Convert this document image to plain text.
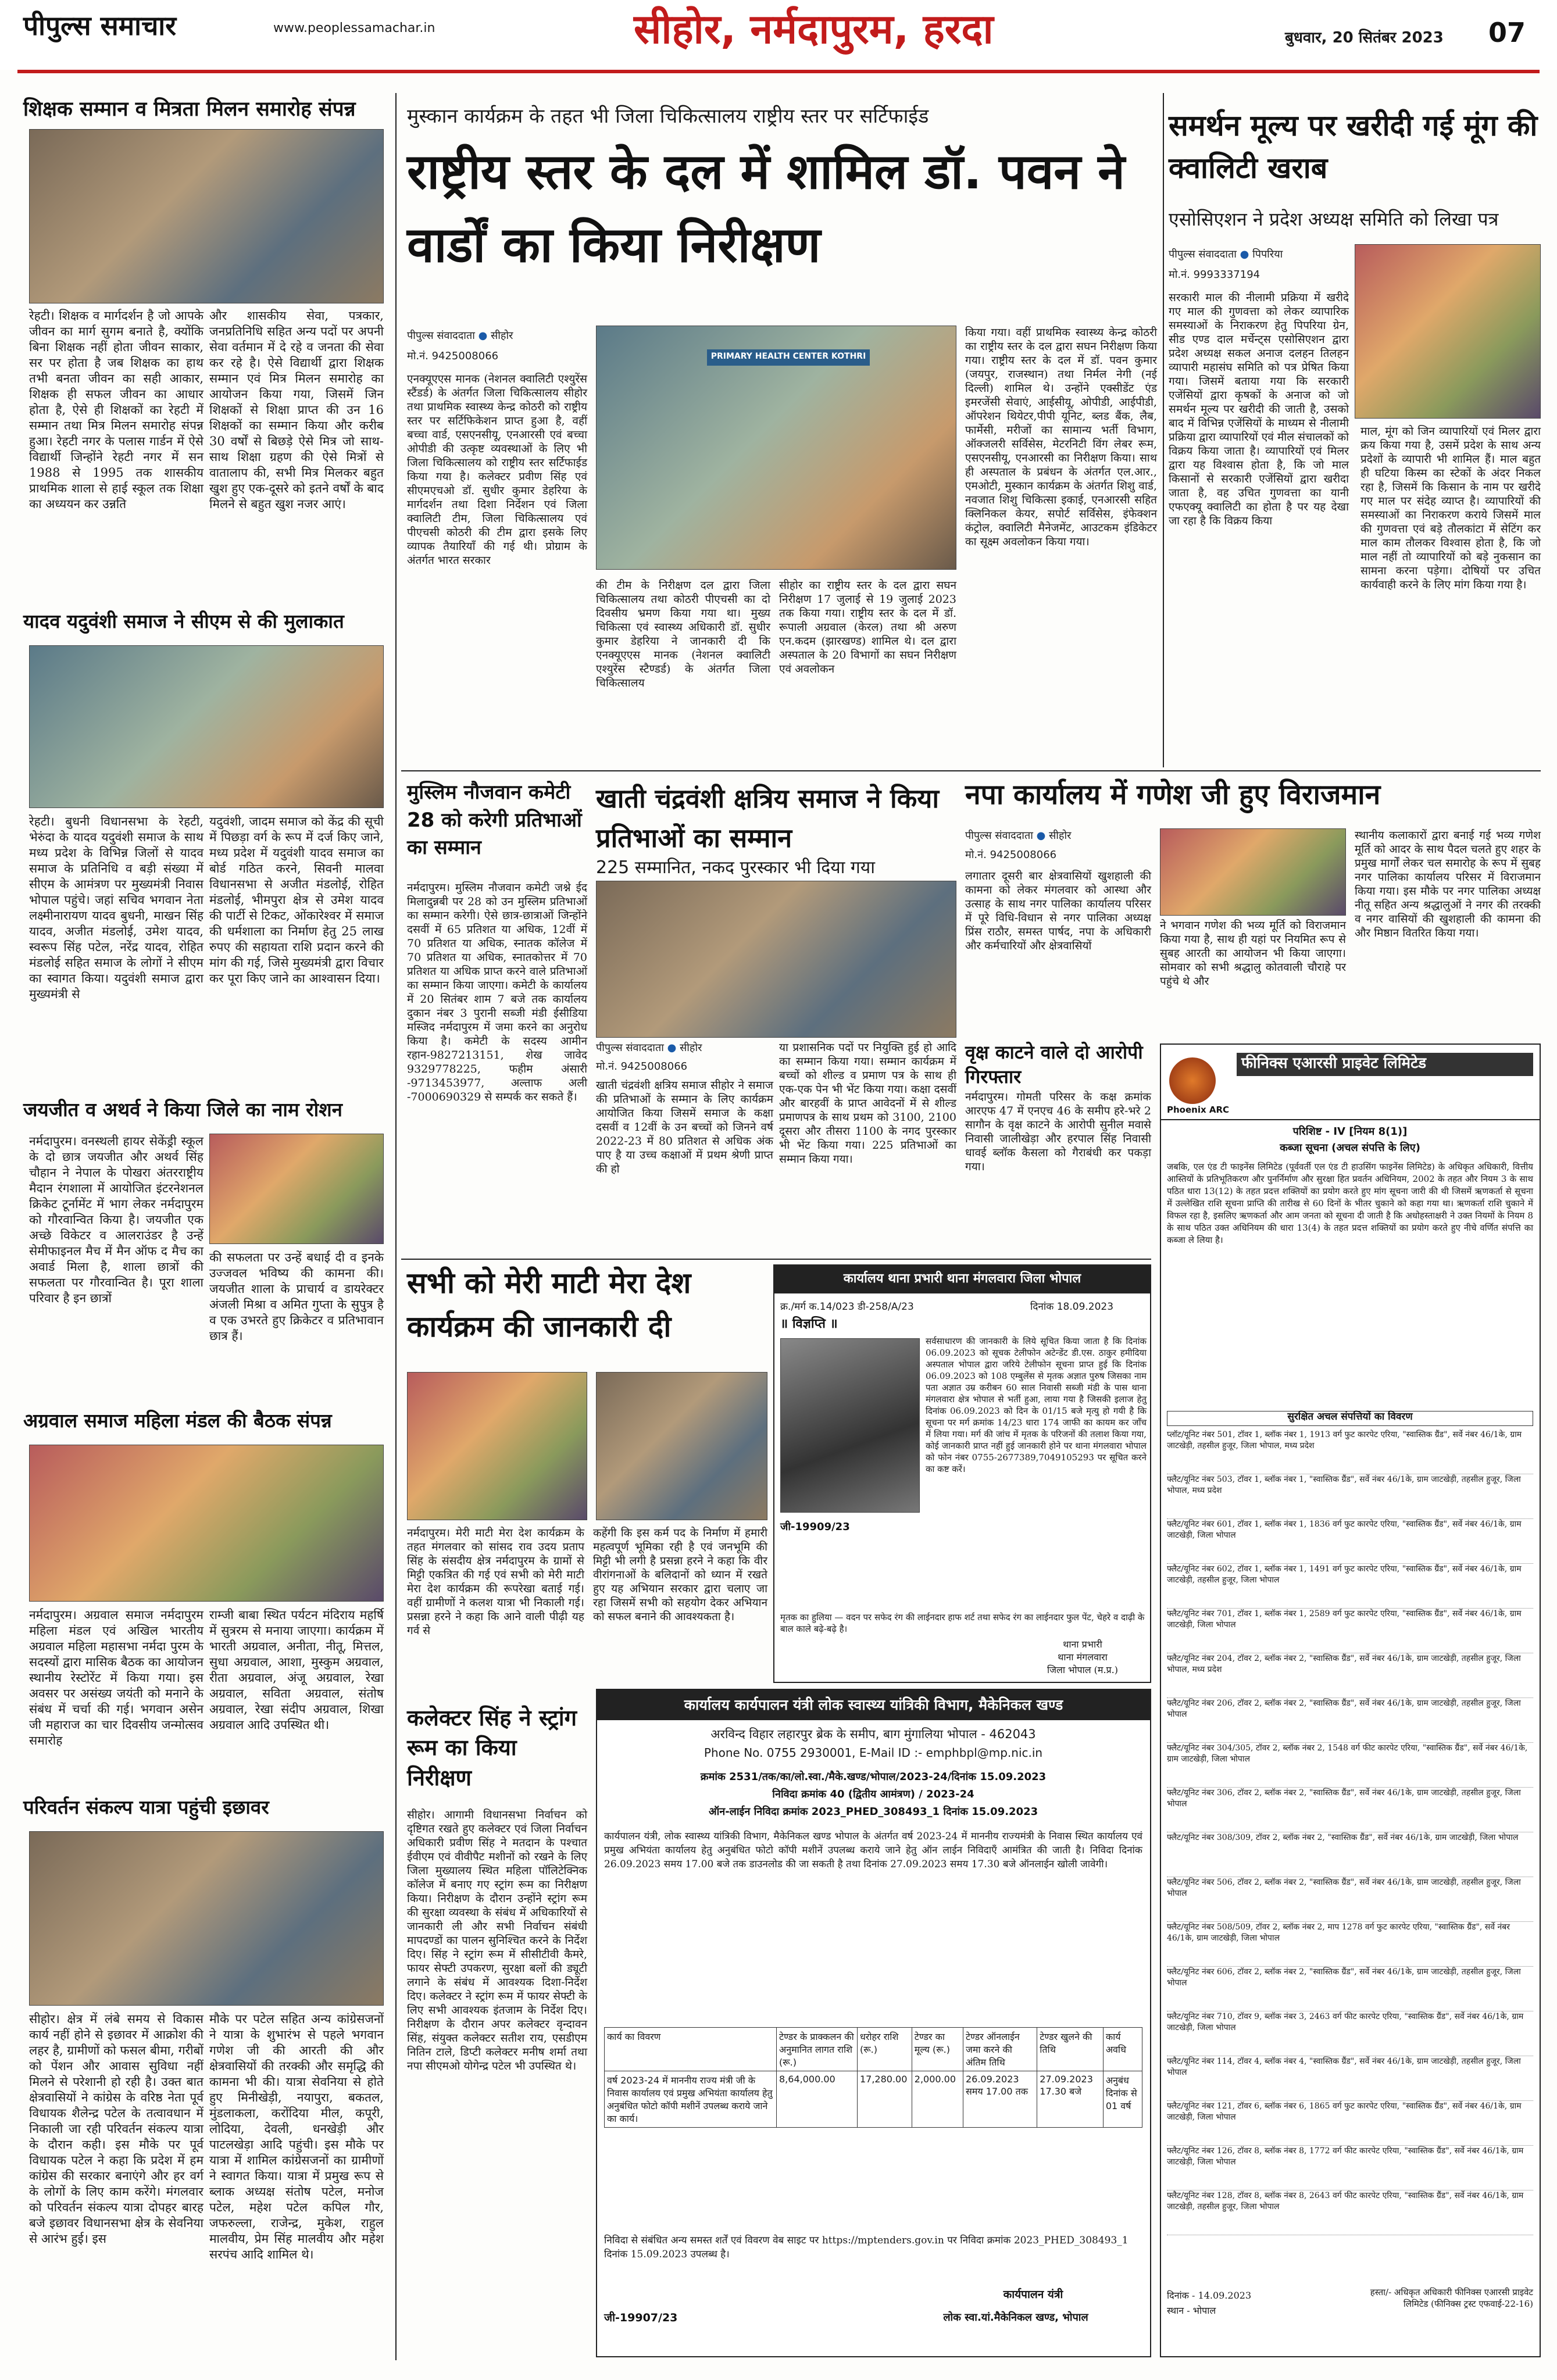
पीपुल्स समाचार	www.peoplessamachar.in	सीहोर, नर्मदापुरम, हरदा	बुधवार, 20 सितंबर 2023	07
शिक्षक सम्मान व मित्रता मिलन समारोह संपन्न
रेहटी। शिक्षक व मार्गदर्शन है जो आपके जीवन का मार्ग सुगम बनाते है, क्योंकि बिना शिक्षक नहीं होता जीवन साकार, सर पर होता है जब शिक्षक का हाथ तभी बनता जीवन का सही आकार, शिक्षक ही सफल जीवन का आधार होता है, ऐसे ही शिक्षकों का रेहटी में सम्मान तथा मित्र मिलन समारोह संपन्न हुआ। रेहटी नगर के पलास गार्डन में ऐसे विद्यार्थी जिन्होंने रेहटी नगर में सन 1988 से 1995 तक शासकीय प्राथमिक शाला से हाई स्कूल तक शिक्षा का अध्ययन कर उन्नति
और शासकीय सेवा, पत्रकार, जनप्रतिनिधि सहित अन्य पदों पर अपनी सेवा वर्तमान में दे रहे व जनता की सेवा कर रहे है। ऐसे विद्यार्थी द्वारा शिक्षक सम्मान एवं मित्र मिलन समारोह का आयोजन किया गया, जिसमें जिन शिक्षकों से शिक्षा प्राप्त की उन 16 शिक्षकों का सम्मान किया और करीब 30 वर्षों से बिछड़े ऐसे मित्र जो साथ-साथ शिक्षा ग्रहण की ऐसे मित्रों से वातालाप की, सभी मित्र मिलकर बहुत खुश हुए एक-दूसरे को इतने वर्षों के बाद मिलने से बहुत खुश नजर आएं।
यादव यदुवंशी समाज ने सीएम से की मुलाकात
रेहटी। बुधनी विधानसभा के रेहटी, भेरुंदा के यादव यदुवंशी समाज के साथ मध्य प्रदेश के विभिन्न जिलों से यादव समाज के प्रतिनिधि व बड़ी संख्या में सीएम के आमंत्रण पर मुख्यमंत्री निवास भोपाल पहुंचे। जहां सचिव भगवान नेता लक्ष्मीनारायण यादव बुधनी, माखन सिंह यादव, अजीत मंडलोई, उमेश यादव, स्वरूप सिंह पटेल, नरेंद्र यादव, रोहित मंडलोई सहित समाज के लोगों ने सीएम का स्वागत किया। यदुवंशी समाज द्वारा मुख्यमंत्री से
यदुवंशी, जादम समाज को केंद्र की सूची में पिछड़ा वर्ग के रूप में दर्ज किए जाने, मध्य प्रदेश में यदुवंशी यादव समाज का बोर्ड गठित करने, सिवनी मालवा विधानसभा से अजीत मंडलोई, रोहित मंडलोई, भीमपुरा क्षेत्र से उमेश यादव की पार्टी से टिकट, ओंकारेश्वर में समाज की धर्मशाला का निर्माण हेतु 25 लाख रुपए की सहायता राशि प्रदान करने की मांग की गई, जिसे मुख्यमंत्री द्वारा विचार कर पूरा किए जाने का आश्वासन दिया।
जयजीत व अथर्व ने किया जिले का नाम रोशन
नर्मदापुरम। वनस्थली हायर सेकेंड्री स्कूल के दो छात्र जयजीत और अथर्व सिंह चौहान ने नेपाल के पोखरा अंतरराष्ट्रीय मैदान रंगशाला में आयोजित इंटरनेशनल क्रिकेट टूर्नामेंट में भाग लेकर नर्मदापुरम को गौरवान्वित किया है। जयजीत एक अच्छे विकेटर व आलराउंडर है उन्हें सेमीफाइनल मैच में मैन ऑफ द मैच का अवार्ड मिला है, शाला छात्रों की सफलता पर गौरवान्वित है। पूरा शाला परिवार है इन छात्रों
की सफलता पर उन्हें बधाई दी व इनके उज्जवल भविष्य की कामना की। जयजीत शाला के प्राचार्य व डायरेक्टर अंजली मिश्रा व अमित गुप्ता के सुपुत्र है व एक उभरते हुए क्रिकेटर व प्रतिभावान छात्र हैं।
अग्रवाल समाज महिला मंडल की बैठक संपन्न
नर्मदापुरम। अग्रवाल समाज नर्मदापुरम महिला मंडल एवं अखिल भारतीय अग्रवाल महिला महासभा नर्मदा पुरम के सदस्यों द्वारा मासिक बैठक का आयोजन स्थानीय रेस्टोरेंट में किया गया। इस अवसर पर असंख्य जयंती को मनाने के संबंध में चर्चा की गई। भगवान असेन जी महाराज का चार दिवसीय जन्मोत्सव समारोह
राम्जी बाबा स्थित पर्यटन मंदिराय महर्षि में सुत्ररम से मनाया जाएगा। कार्यक्रम में भारती अग्रवाल, अनीता, नीतू, मित्तल, सुधा अग्रवाल, आशा, मुस्कुम अग्रवाल, रीता अग्रवाल, अंजू अग्रवाल, रेखा अग्रवाल, सविता अग्रवाल, संतोष अग्रवाल, रेखा संदीप अग्रवाल, शिखा अग्रवाल आदि उपस्थित थी।
परिवर्तन संकल्प यात्रा पहुंची इछावर
सीहोर। क्षेत्र में लंबे समय से विकास कार्य नहीं होने से इछावर में आक्रोश की लहर है, ग्रामीणों को फसल बीमा, गरीबों को पेंशन और आवास सुविधा नहीं मिलने से परेशानी हो रही है। उक्त बात क्षेत्रवासियों ने कांग्रेस के वरिष्ठ नेता पूर्व विधायक शैलेन्द्र पटेल के तत्वावधान में निकाली जा रही परिवर्तन संकल्प यात्रा के दौरान कही। इस मौके पर पूर्व विधायक पटेल ने कहा कि प्रदेश में हम कांग्रेस की सरकार बनाएंगे और हर वर्ग के लोगों के लिए काम करेंगे। मंगलवार को परिवर्तन संकल्प यात्रा दोपहर बारह बजे इछावर विधानसभा क्षेत्र के सेवनिया से आरंभ हुई। इस
मौके पर पटेल सहित अन्य कांग्रेसजनों ने यात्रा के शुभारंभ से पहले भगवान गणेश जी की आरती की और क्षेत्रवासियों की तरक्की और समृद्धि की कामना भी की। यात्रा सेवनिया से होते हुए मिनीखेड़ी, नयापुरा, बकतल, मुंडलाकला, करोंदिया मील, कपूरी, लोदिया, देवली, धनखेड़ी और पाटलखेड़ा आदि पहुंची। इस मौके पर यात्रा में शामिल कांग्रेसजनों का ग्रामीणों ने स्वागत किया। यात्रा में प्रमुख रूप से ब्लाक अध्यक्ष संतोष पटेल, मनोज पटेल, महेश पटेल कपिल गौर, जफरुल्ला, राजेन्द्र, मुकेश, राहुल मालवीय, प्रेम सिंह मालवीय और महेश सरपंच आदि शामिल थे।
मुस्कान कार्यक्रम के तहत भी जिला चिकित्सालय राष्ट्रीय स्तर पर सर्टिफाईड
राष्ट्रीय स्तर के दल में शामिल डॉ. पवन ने वार्डों का किया निरीक्षण
पीपुल्स संवाददाता ● सीहोर
मो.नं. 9425008066
एनक्यूएएस मानक (नेशनल क्वालिटी एश्युरेंस स्टैंडर्ड) के अंतर्गत जिला चिकित्सालय सीहोर तथा प्राथमिक स्वास्थ्य केन्द्र कोठरी को राष्ट्रीय स्तर पर सर्टिफिकेशन प्राप्त हुआ है, वहीं बच्चा वार्ड, एसएनसीयू, एनआरसी एवं बच्चा ओपीडी की उत्कृष्ट व्यवस्थाओं के लिए भी जिला चिकित्सालय को राष्ट्रीय स्तर सर्टिफाईड किया गया है। कलेक्टर प्रवीण सिंह एवं सीएमएचओ डॉ. सुधीर कुमार डेहरिया के मार्गदर्शन तथा दिशा निर्देशन एवं जिला क्वालिटी टीम, जिला चिकित्सालय एवं पीएचसी कोठरी की टीम द्वारा इसके लिए व्यापक तैयारियाँ की गई थी। प्रोग्राम के अंतर्गत भारत सरकार
PRIMARY HEALTH CENTER KOTHRI
की टीम के निरीक्षण दल द्वारा जिला चिकित्सालय तथा कोठरी पीएचसी का दो दिवसीय भ्रमण किया गया था। मुख्य चिकित्सा एवं स्वास्थ्य अधिकारी डॉ. सुधीर कुमार डेहरिया ने जानकारी दी कि एनक्यूएएस मानक (नेशनल क्वालिटी एश्युरेंस स्टैण्डर्ड) के अंतर्गत जिला चिकित्सालय
सीहोर का राष्ट्रीय स्तर के दल द्वारा सघन निरीक्षण 17 जुलाई से 19 जुलाई 2023 तक किया गया। राष्ट्रीय स्तर के दल में डॉ. रूपाली अग्रवाल (केरल) तथा श्री अरुण एन.कदम (झारखण्ड) शामिल थे। दल द्वारा अस्पताल के 20 विभागों का सघन निरीक्षण एवं अवलोकन
किया गया। वहीं प्राथमिक स्वास्थ्य केन्द्र कोठरी का राष्ट्रीय स्तर के दल द्वारा सघन निरीक्षण किया गया। राष्ट्रीय स्तर के दल में डॉ. पवन कुमार (जयपुर, राजस्थान) तथा निर्मल नेगी (नई दिल्ली) शामिल थे। उन्होंने एक्सीडेंट एंड इमरजेंसी सेवाएं, आईसीयू, ओपीडी, आईपीडी, ऑपरेशन थियेटर,पीपी यूनिट, ब्लड बैंक, लैब, फार्मेसी, मरीजों का सामान्य भर्ती विभाग, ऑक्जलरी सर्विसेस, मेटरनिटी विंग लेबर रूम, एसएनसीयू, एनआरसी का निरीक्षण किया। साथ ही अस्पताल के प्रबंधन के अंतर्गत एल.आर., एमओटी, मुस्कान कार्यक्रम के अंतर्गत शिशु वार्ड, नवजात शिशु चिकित्सा इकाई, एनआरसी सहित क्लिनिकल केयर, सपोर्ट सर्विसेस, इंफेक्शन कंट्रोल, क्वालिटी मैनेजमेंट, आउटकम इंडिकेटर का सूक्ष्म अवलोकन किया गया।
समर्थन मूल्य पर खरीदी गई मूंग की क्वालिटी खराब
एसोसिएशन ने प्रदेश अध्यक्ष समिति को लिखा पत्र
पीपुल्स संवाददाता ● पिपरिया
मो.नं. 9993337194
सरकारी माल की नीलामी प्रक्रिया में खरीदे गए माल की गुणवत्ता को लेकर व्यापारिक समस्याओं के निराकरण हेतु पिपरिया ग्रेन, सीड एण्ड दाल मर्चेन्ट्स एसोसिएशन द्वारा प्रदेश अध्यक्ष सकल अनाज दलहन तिलहन व्यापारी महासंघ समिति को पत्र प्रेषित किया गया। जिसमें बताया गया कि सरकारी एजेंसियों द्वारा कृषकों के अनाज को जो समर्थन मूल्य पर खरीदी की जाती है, उसको बाद में विभिन्न एजेंसियों के माध्यम से नीलामी प्रक्रिया द्वारा व्यापारियों एवं मील संचालकों को विक्रय किया जाता है। व्यापारियों एवं मिलर द्वारा यह विश्वास होता है, कि जो माल किसानों से सरकारी एजेंसियों द्वारा खरीदा जाता है, वह उचित गुणवत्ता का यानी एफएक्यू क्वालिटी का होता है पर यह देखा जा रहा है कि विक्रय किया
माल, मूंग को जिन व्यापारियों एवं मिलर द्वारा क्रय किया गया है, उसमें प्रदेश के साथ अन्य प्रदेशों के व्यापारी भी शामिल हैं। माल बहुत ही घटिया किस्म का स्टेकों के अंदर निकल रहा है, जिसमें कि किसान के नाम पर खरीदे गए माल पर संदेह व्याप्त है। व्यापारियों की समस्याओं का निराकरण कराये जिसमें माल की गुणवत्ता एवं बड़े तौलकांटा में सेटिंग कर माल काम तौलकर विश्वास होता है, कि जो माल नहीं तो व्यापारियों को बड़े नुकसान का सामना करना पड़ेगा। दोषियों पर उचित कार्यवाही करने के लिए मांग किया गया है।
मुस्लिम नौजवान कमेटी 28 को करेगी प्रतिभाओं का सम्मान
नर्मदापुरम। मुस्लिम नौजवान कमेटी जश्ने ईद मिलादुन्नबी पर 28 को उन मुस्लिम प्रतिभाओं का सम्मान करेगी। ऐसे छात्र-छात्राओं जिन्होंने दसवीं में 65 प्रतिशत या अधिक, 12वीं में 70 प्रतिशत या अधिक, स्नातक कॉलेज में 70 प्रतिशत या अधिक, स्नातकोत्तर में 70 प्रतिशत या अधिक प्राप्त करने वाले प्रतिभाओं का सम्मान किया जाएगा। कमेटी के कार्यालय में 20 सितंबर शाम 7 बजे तक कार्यालय दुकान नंबर 3 पुरानी सब्जी मंडी ईसीडिया मस्जिद नर्मदापुरम में जमा करने का अनुरोध किया है। कमेटी के सदस्य आमीन रहान-9827213151, शेख जावेद 9329778225, फहीम अंसारी -9713453977, अल्ताफ अली -7000690329 से सम्पर्क कर सकते हैं।
खाती चंद्रवंशी क्षत्रिय समाज ने किया प्रतिभाओं का सम्मान
225 सम्मानित, नकद पुरस्कार भी दिया गया
पीपुल्स संवाददाता ● सीहोर
मो.नं. 9425008066
खाती चंद्रवंशी क्षत्रिय समाज सीहोर ने समाज की प्रतिभाओं के सम्मान के लिए कार्यक्रम आयोजित किया जिसमें समाज के कक्षा दसवीं व 12वीं के उन बच्चों को जिनने वर्ष 2022-23 में 80 प्रतिशत से अधिक अंक पाए है या उच्च कक्षाओं में प्रथम श्रेणी प्राप्त की हो
या प्रशासनिक पदों पर नियुक्ति हुई हो आदि का सम्मान किया गया। सम्मान कार्यक्रम में बच्चों को शील्ड व प्रमाण पत्र के साथ ही एक-एक पेन भी भेंट किया गया। कक्षा दसवीं और बारहवीं के प्राप्त आवेदनों में से शील्ड प्रमाणपत्र के साथ प्रथम को 3100, 2100 दूसरा और तीसरा 1100 के नगद पुरस्कार भी भेंट किया गया। 225 प्रतिभाओं का सम्मान किया गया।
नपा कार्यालय में गणेश जी हुए विराजमान
पीपुल्स संवाददाता ● सीहोर
मो.नं. 9425008066
लगातार दूसरी बार क्षेत्रवासियों खुशहाली की कामना को लेकर मंगलवार को आस्था और उत्साह के साथ नगर पालिका कार्यालय परिसर में पूरे विधि-विधान से नगर पालिका अध्यक्ष प्रिंस राठौर, समस्त पार्षद, नपा के अधिकारी और कर्मचारियों और क्षेत्रवासियों
ने भगवान गणेश की भव्य मूर्ति को विराजमान किया गया है, साथ ही यहां पर नियमित रूप से सुबह आरती का आयोजन भी किया जाएगा। सोमवार को सभी श्रद्धालु कोतवाली चौराहे पर पहुंचे थे और
स्थानीय कलाकारों द्वारा बनाई गई भव्य गणेश मूर्ति को आदर के साथ पैदल चलते हुए शहर के प्रमुख मार्गों लेकर चल समारोह के रूप में सुबह नगर पालिका कार्यालय परिसर में विराजमान किया गया। इस मौके पर नगर पालिका अध्यक्ष नीतू सहित अन्य श्रद्धालुओं ने नगर की तरक्की व नगर वासियों की खुशहाली की कामना की और मिष्ठान वितरित किया गया।
वृक्ष काटने वाले दो आरोपी गिरफ्तार
नर्मदापुरम। गोमती परिसर के कक्ष क्रमांक आरएफ 47 में एनएच 46 के समीप हरे-भरे 2 सागौन के वृक्ष काटने के आरोपी सुनील मवासे निवासी जालीखेड़ा और हरपाल सिंह निवासी धावई ब्लॉक कैसला को गैराबंधी कर पकड़ा गया।
सभी को मेरी माटी मेरा देश कार्यक्रम की जानकारी दी
नर्मदापुरम। मेरी माटी मेरा देश कार्यक्रम के तहत मंगलवार को सांसद राव उदय प्रताप सिंह के संसदीय क्षेत्र नर्मदापुरम के ग्रामों से मिट्टी एकत्रित की गई एवं सभी को मेरी माटी मेरा देश कार्यक्रम की रूपरेखा बताई गई। वहीं ग्रामीणों ने कलश यात्रा भी निकाली गई। प्रसन्ना हरने ने कहा कि आने वाली पीढ़ी यह गर्व से
कहेंगी कि इस कर्म पद के निर्माण में हमारी महत्वपूर्ण भूमिका रही है एवं जनभूमि की मिट्टी भी लगी है प्रसन्ना हरने ने कहा कि वीर वीरांगनाओं के बलिदानों को ध्यान में रखते हुए यह अभियान सरकार द्वारा चलाए जा रहा जिसमें सभी को सहयोग देकर अभियान को सफल बनाने की आवश्यकता है।
कलेक्टर सिंह ने स्ट्रांग रूम का किया निरीक्षण
सीहोर। आगामी विधानसभा निर्वाचन को दृष्टिगत रखते हुए कलेक्टर एवं जिला निर्वाचन अधिकारी प्रवीण सिंह ने मतदान के पश्चात ईवीएम एवं वीवीपैट मशीनों को रखने के लिए जिला मुख्यालय स्थित महिला पॉलिटेक्निक कॉलेज में बनाए गए स्ट्रांग रूम का निरीक्षण किया। निरीक्षण के दौरान उन्होंने स्ट्रांग रूम की सुरक्षा व्यवस्था के संबंध में अधिकारियों से जानकारी ली और सभी निर्वाचन संबंधी मापदण्डों का पालन सुनिश्चित करने के निर्देश दिए। सिंह ने स्ट्रांग रूम में सीसीटीवी कैमरे, फायर सेफ्टी उपकरण, सुरक्षा बलों की ड्यूटी लगाने के संबंध में आवश्यक दिशा-निर्देश दिए। कलेक्टर ने स्ट्रांग रूम में फायर सेफ्टी के लिए सभी आवश्यक इंतजाम के निर्देश दिए। निरीक्षण के दौरान अपर कलेक्टर वृन्दावन सिंह, संयुक्त कलेक्टर सतीश राय, एसडीएम नितिन टाले, डिप्टी कलेक्टर मनीष शर्मा तथा नपा सीएमओ योगेन्द्र पटेल भी उपस्थित थे।
कार्यालय थाना प्रभारी थाना मंगलवारा जिला भोपाल
क्र./मर्ग क.14/023 डी-258/A/23	दिनांक 18.09.2023
॥ विज्ञप्ति ॥
सर्वसाधारण की जानकारी के लिये सूचित किया जाता है कि दिनांक 06.09.2023 को सूचक टेलीफोन अटेन्डेंट डी.एस. ठाकुर हमीदिया अस्पताल भोपाल द्वारा जरिये टेलीफोन सूचना प्राप्त हुई कि दिनांक 06.09.2023 को 108 एम्बुलेंस से मृतक अज्ञात पुरुष जिसका नाम पता अज्ञात उम्र करीबन 60 साल निवासी सब्जी मंडी के पास थाना मंगलवारा क्षेत्र भोपाल से भर्ती हुआ, लाया गया है जिसकी इलाज हेतु दिनांक 06.09.2023 को दिन के 01/15 बजे मृत्यु हो गयी है कि सूचना पर मर्ग क्रमांक 14/23 धारा 174 जाफी का कायम कर जाँच में लिया गया। मर्ग की जांच में मृतक के परिजनों की तलाश किया गया, कोई जानकारी प्राप्त नहीं हुई जानकारी होने पर थाना मंगलवारा भोपाल को फोन नंबर 0755-2677389,7049105293 पर सूचित करने का कष्ट करें।
मृतक का हुलिया — वदन पर सफेद रंग की लाईनदार हाफ शर्ट तथा सफेद रंग का लाईनदार फुल पेंट, चेहरे व दाढ़ी के बाल काले बढ़े-बढ़े है।
थाना प्रभारी
थाना मंगलवारा
जिला भोपाल (म.प्र.)
जी-19909/23
कार्यालय कार्यपालन यंत्री लोक स्वास्थ्य यांत्रिकी विभाग, मैकेनिकल खण्ड
अरविन्द विहार लहारपुर ब्रेक के समीप, बाग मुंगालिया भोपाल - 462043
Phone No. 0755 2930001, E-Mail ID :- emphbpl@mp.nic.in
क्रमांक 2531/तक/का/लो.स्वा./मैके.खण्ड/भोपाल/2023-24/दिनांक 15.09.2023
निविदा क्रमांक 40 (द्वितीय आमंत्रण) / 2023-24
ऑन-लाईन निविदा क्रमांक 2023_PHED_308493_1 दिनांक 15.09.2023
कार्यपालन यंत्री, लोक स्वास्थ्य यांत्रिकी विभाग, मैकेनिकल खण्ड भोपाल के अंतर्गत वर्ष 2023-24 में माननीय राज्यमंत्री के निवास स्थित कार्यालय एवं प्रमुख अभियंता कार्यालय हेतु अनुबंधित फोटो कॉपी मशीनें उपलब्ध कराये जाने हेतु ऑन लाईन निविदाएँ आमंत्रित की जाती है। निविदा दिनांक 26.09.2023 समय 17.00 बजे तक डाउनलोड की जा सकती है तथा दिनांक 27.09.2023 समय 17.30 बजे ऑनलाईन खोली जावेगी।
कार्य का विवरण	टेण्डर के प्राक्कलन की अनुमानित लागत राशि (रू.)	धरोहर राशि (रू.)	टेण्डर का मूल्य (रू.)	टेण्डर ऑनलाईन जमा करने की अंतिम तिथि	टेण्डर खुलने की तिथि	कार्य अवधि
वर्ष 2023-24 में माननीय राज्य मंत्री जी के निवास कार्यालय एवं प्रमुख अभियंता कार्यालय हेतु अनुबंधित फोटो कॉपी मशीनें उपलब्ध कराये जाने का कार्य।	8,64,000.00	17,280.00	2,000.00	26.09.2023 समय 17.00 तक	27.09.2023 17.30 बजे	अनुबंध दिनांक से 01 वर्ष
निविदा से संबंधित अन्य समस्त शर्तें एवं विवरण वेब साइट पर https://mptenders.gov.in पर निविदा क्रमांक 2023_PHED_308493_1 दिनांक 15.09.2023 उपलब्ध है।
कार्यपालन यंत्री
लोक स्वा.यां.मैकेनिकल खण्ड, भोपाल
जी-19907/23
Phoenix ARC
फीनिक्स एआरसी प्राइवेट लिमिटेड
परिशिष्ट - IV [नियम 8(1)]
कब्जा सूचना (अचल संपत्ति के लिए)
जबकि, एल एंड टी फाइनेंस लिमिटेड (पूर्ववर्ती एल एंड टी हाउसिंग फाइनेंस लिमिटेड) के अधिकृत अधिकारी, वित्तीय आस्तियों के प्रतिभूतिकरण और पुनर्निर्माण और सुरक्षा हित प्रवर्तन अधिनियम, 2002 के तहत और नियम 3 के साथ पठित धारा 13(12) के तहत प्रदत्त शक्तियों का प्रयोग करते हुए मांग सूचना जारी की थी जिसमें ऋणकर्ता से सूचना में उल्लेखित राशि सूचना प्राप्ति की तारीख से 60 दिनों के भीतर चुकाने को कहा गया था। ऋणकर्ता राशि चुकाने में विफल रहा है, इसलिए ऋणकर्ता और आम जनता को सूचना दी जाती है कि अधोहस्ताक्षरी ने उक्त नियमों के नियम 8 के साथ पठित उक्त अधिनियम की धारा 13(4) के तहत प्रदत्त शक्तियों का प्रयोग करते हुए नीचे वर्णित संपत्ति का कब्जा ले लिया है।
सुरक्षित अचल संपत्तियों का विवरण
प्लॉट/यूनिट नंबर 501, टॉवर 1, ब्लॉक नंबर 1, 1913 वर्ग फुट कारपेट एरिया, "स्वास्तिक ग्रैंड", सर्वे नंबर 46/1के, ग्राम जाटखेड़ी, तहसील हुजूर, जिला भोपाल, मध्य प्रदेश
फ्लैट/यूनिट नंबर 503, टॉवर 1, ब्लॉक नंबर 1, "स्वास्तिक ग्रैंड", सर्वे नंबर 46/1के, ग्राम जाटखेड़ी, तहसील हुजूर, जिला भोपाल, मध्य प्रदेश
फ्लैट/यूनिट नंबर 601, टॉवर 1, ब्लॉक नंबर 1, 1836 वर्ग फुट कारपेट एरिया, "स्वास्तिक ग्रैंड", सर्वे नंबर 46/1के, ग्राम जाटखेड़ी, जिला भोपाल
फ्लैट/यूनिट नंबर 602, टॉवर 1, ब्लॉक नंबर 1, 1491 वर्ग फुट कारपेट एरिया, "स्वास्तिक ग्रैंड", सर्वे नंबर 46/1के, ग्राम जाटखेड़ी, तहसील हुजूर, जिला भोपाल
फ्लैट/यूनिट नंबर 701, टॉवर 1, ब्लॉक नंबर 1, 2589 वर्ग फुट कारपेट एरिया, "स्वास्तिक ग्रैंड", सर्वे नंबर 46/1के, ग्राम जाटखेड़ी, जिला भोपाल
फ्लैट/यूनिट नंबर 204, टॉवर 2, ब्लॉक नंबर 2, "स्वास्तिक ग्रैंड", सर्वे नंबर 46/1के, ग्राम जाटखेड़ी, तहसील हुजूर, जिला भोपाल, मध्य प्रदेश
फ्लैट/यूनिट नंबर 206, टॉवर 2, ब्लॉक नंबर 2, "स्वास्तिक ग्रैंड", सर्वे नंबर 46/1के, ग्राम जाटखेड़ी, तहसील हुजूर, जिला भोपाल
फ्लैट/यूनिट नंबर 304/305, टॉवर 2, ब्लॉक नंबर 2, 1548 वर्ग फीट कारपेट एरिया, "स्वास्तिक ग्रैंड", सर्वे नंबर 46/1के, ग्राम जाटखेड़ी, जिला भोपाल
फ्लैट/यूनिट नंबर 306, टॉवर 2, ब्लॉक नंबर 2, "स्वास्तिक ग्रैंड", सर्वे नंबर 46/1के, ग्राम जाटखेड़ी, तहसील हुजूर, जिला भोपाल
फ्लैट/यूनिट नंबर 308/309, टॉवर 2, ब्लॉक नंबर 2, "स्वास्तिक ग्रैंड", सर्वे नंबर 46/1के, ग्राम जाटखेड़ी, जिला भोपाल
फ्लैट/यूनिट नंबर 506, टॉवर 2, ब्लॉक नंबर 2, "स्वास्तिक ग्रैंड", सर्वे नंबर 46/1के, ग्राम जाटखेड़ी, तहसील हुजूर, जिला भोपाल
फ्लैट/यूनिट नंबर 508/509, टॉवर 2, ब्लॉक नंबर 2, माप 1278 वर्ग फुट कारपेट एरिया, "स्वास्तिक ग्रैंड", सर्वे नंबर 46/1के, ग्राम जाटखेड़ी, जिला भोपाल
फ्लैट/यूनिट नंबर 606, टॉवर 2, ब्लॉक नंबर 2, "स्वास्तिक ग्रैंड", सर्वे नंबर 46/1के, ग्राम जाटखेड़ी, तहसील हुजूर, जिला भोपाल
फ्लैट/यूनिट नंबर 710, टॉवर 9, ब्लॉक नंबर 3, 2463 वर्ग फीट कारपेट एरिया, "स्वास्तिक ग्रैंड", सर्वे नंबर 46/1के, ग्राम जाटखेड़ी, जिला भोपाल
फ्लैट/यूनिट नंबर 114, टॉवर 4, ब्लॉक नंबर 4, "स्वास्तिक ग्रैंड", सर्वे नंबर 46/1के, ग्राम जाटखेड़ी, तहसील हुजूर, जिला भोपाल
फ्लैट/यूनिट नंबर 121, टॉवर 6, ब्लॉक नंबर 6, 1865 वर्ग फुट कारपेट एरिया, "स्वास्तिक ग्रैंड", सर्वे नंबर 46/1के, ग्राम जाटखेड़ी, जिला भोपाल
फ्लैट/यूनिट नंबर 126, टॉवर 8, ब्लॉक नंबर 8, 1772 वर्ग फीट कारपेट एरिया, "स्वास्तिक ग्रैंड", सर्वे नंबर 46/1के, ग्राम जाटखेड़ी, जिला भोपाल
फ्लैट/यूनिट नंबर 128, टॉवर 8, ब्लॉक नंबर 8, 2643 वर्ग फीट कारपेट एरिया, "स्वास्तिक ग्रैंड", सर्वे नंबर 46/1के, ग्राम जाटखेड़ी, तहसील हुजूर, जिला भोपाल
दिनांक - 14.09.2023
स्थान - भोपाल
हस्ता/- अधिकृत अधिकारी फीनिक्स एआरसी प्राइवेट लिमिटेड (फीनिक्स ट्रस्ट एफवाई-22-16)
